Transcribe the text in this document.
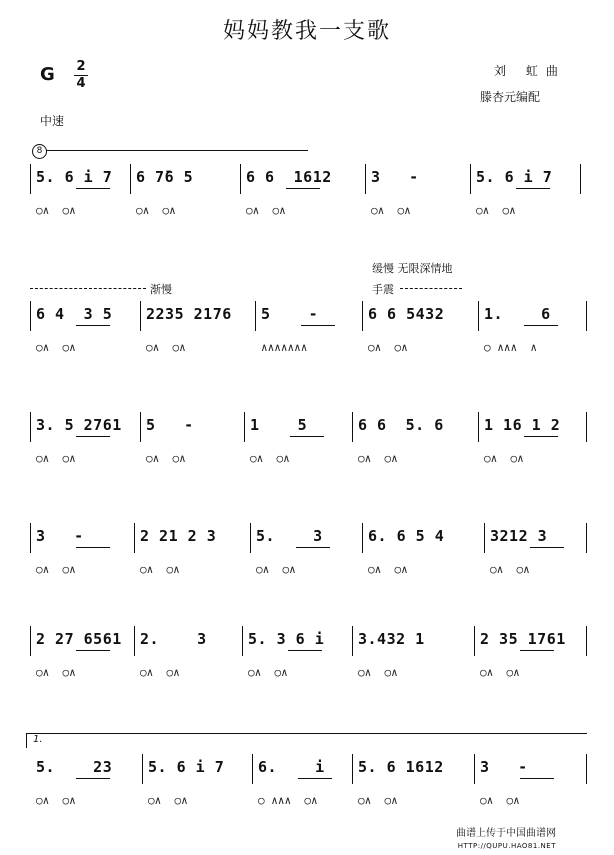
妈妈教我一支歌
刘 虹曲
滕杏元编配
G 2
4
中速
8
渐慢
缓慢 无限深情地
手震
1.
5. 6 i 7
○∧  ○∧
6 7̄6 5
○∧  ○∧
6 6  1612
○∧  ○∧
3   -
○∧  ○∧
5. 6 i 7
○∧  ○∧
6 4  3 5
○∧  ○∧
2235 2176
○∧  ○∧
5    -
∧∧∧∧∧∧∧
6 6 5432
○∧  ○∧
1.    6
○ ∧∧∧  ∧
3. 5 2761
○∧  ○∧
5   -
○∧  ○∧
1    5
○∧  ○∧
6 6  5. 6
○∧  ○∧
1 16 1 2
○∧  ○∧
3   -
○∧  ○∧
2 21 2 3
○∧  ○∧
5.    3
○∧  ○∧
6. 6 5 4
○∧  ○∧
3212 3
○∧  ○∧
2 27 6561
○∧  ○∧
2.    3
○∧  ○∧
5. 3 6 i
○∧  ○∧
3.432 1
○∧  ○∧
2 35 1761
○∧  ○∧
5.    23
○∧  ○∧
5. 6 i 7
○∧  ○∧
6.    i
○ ∧∧∧  ○∧
5. 6 1612
○∧  ○∧
3   -
○∧  ○∧
曲谱上传于中国曲谱网
HTTP://QUPU.HAO81.NET
